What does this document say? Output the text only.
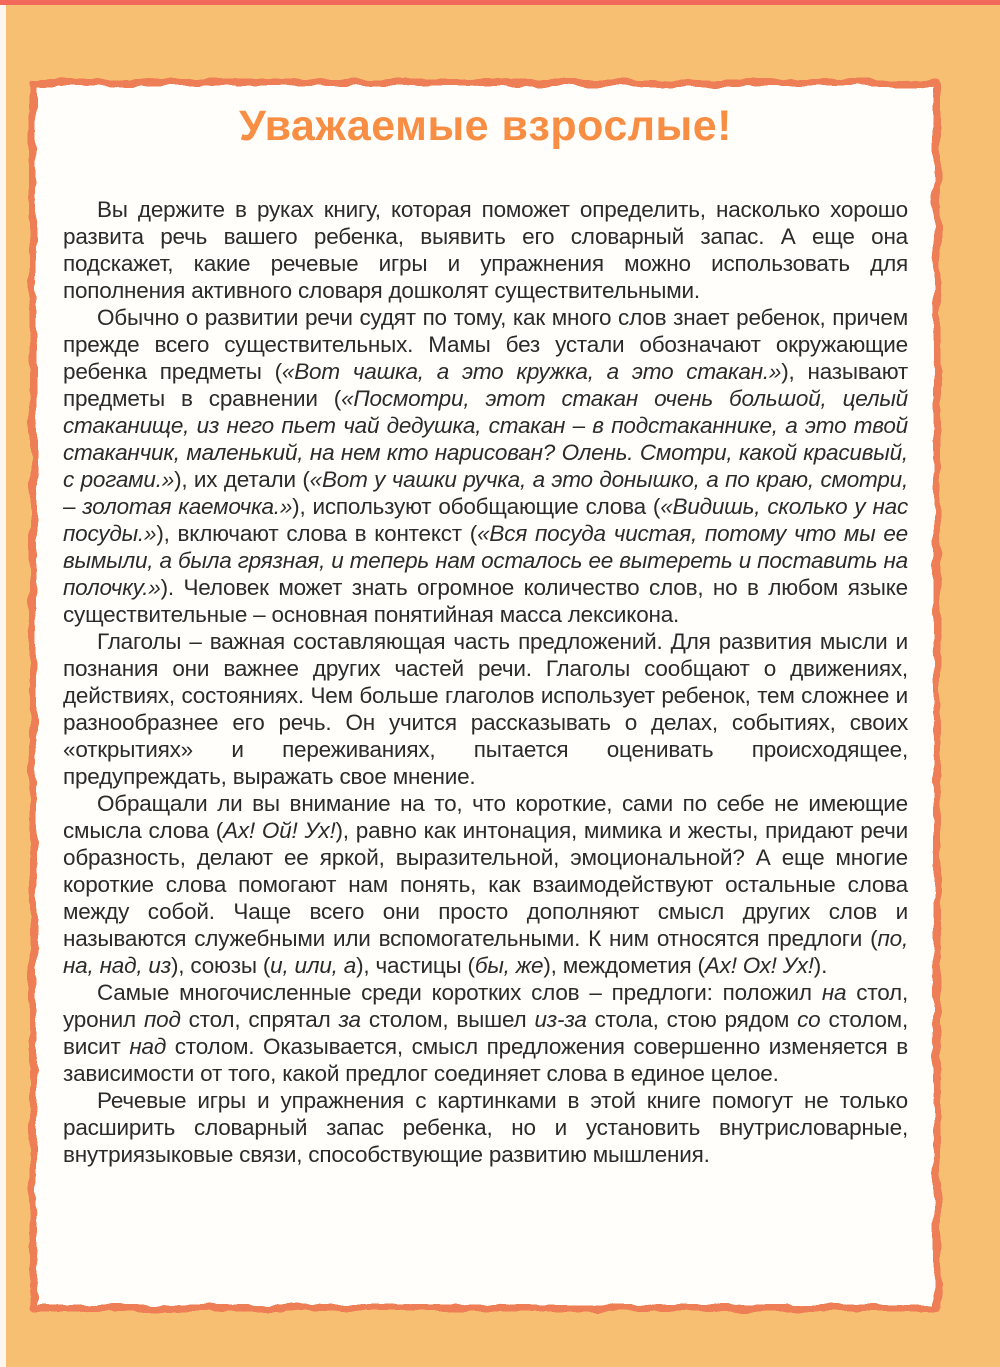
Уважаемые взрослые!

Вы держите в руках книгу, которая поможет определить, насколько хорошо развита речь вашего ребенка, выявить его словарный запас. А еще она подскажет, какие речевые игры и упражнения можно использовать для пополнения активного словаря дошколят существительными.

Обычно о развитии речи судят по тому, как много слов знает ребенок, причем прежде всего существительных. Мамы без устали обозначают окружающие ребенка предметы («Вот чашка, а это кружка, а это стакан.»), называют предметы в сравнении («Посмотри, этот стакан очень большой, целый стаканище, из него пьет чай дедушка, стакан – в подстаканнике, а это твой стаканчик, маленький, на нем кто нарисован? Олень. Смотри, какой красивый, с рогами.»), их детали («Вот у чашки ручка, а это донышко, а по краю, смотри, – золотая каемочка.»), используют обобщающие слова («Видишь, сколько у нас посуды.»), включают слова в контекст («Вся посуда чистая, потому что мы ее вымыли, а была грязная, и теперь нам осталось ее вытереть и поставить на полочку.»). Человек может знать огромное количество слов, но в любом языке существительные – основная понятийная масса лексикона.

Глаголы – важная составляющая часть предложений. Для развития мысли и познания они важнее других частей речи. Глаголы сообщают о движениях, действиях, состояниях. Чем больше глаголов использует ребенок, тем сложнее и разнообразнее его речь. Он учится рассказывать о делах, событиях, своих «открытиях» и переживаниях, пытается оценивать происходящее, предупреждать, выражать свое мнение.

Обращали ли вы внимание на то, что короткие, сами по себе не имеющие смысла слова (Ах! Ой! Ух!), равно как интонация, мимика и жесты, придают речи образность, делают ее яркой, выразительной, эмоциональной? А еще многие короткие слова помогают нам понять, как взаимодействуют остальные слова между собой. Чаще всего они просто дополняют смысл других слов и называются служебными или вспомогательными. К ним относятся предлоги (по, на, над, из), союзы (и, или, а), частицы (бы, же), междометия (Ах! Ох! Ух!).

Самые многочисленные среди коротких слов – предлоги: положил на стол, уронил под стол, спрятал за столом, вышел из-за стола, стою рядом со столом, висит над столом. Оказывается, смысл предложения совершенно изменяется в зависимости от того, какой предлог соединяет слова в единое целое.

Речевые игры и упражнения с картинками в этой книге помогут не только расширить словарный запас ребенка, но и установить внутрисловарные, внутриязыковые связи, способствующие развитию мышления.
